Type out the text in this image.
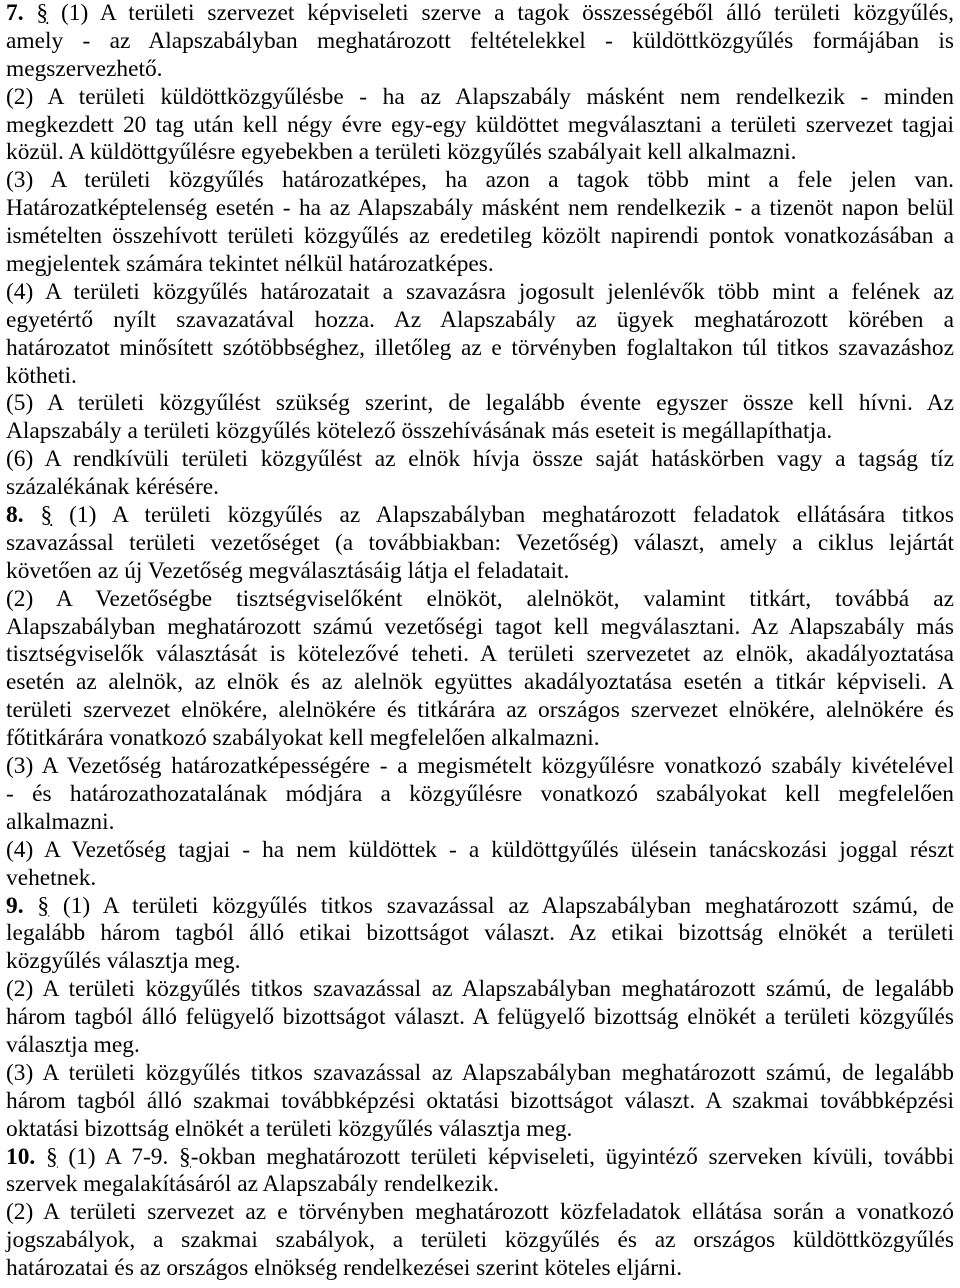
7. § (1) A területi szervezet képviseleti szerve a tagok összességéből álló területi közgyűlés,
amely - az Alapszabályban meghatározott feltételekkel - küldöttközgyűlés formájában is
megszervezhető.
(2) A területi küldöttközgyűlésbe - ha az Alapszabály másként nem rendelkezik - minden
megkezdett 20 tag után kell négy évre egy-egy küldöttet megválasztani a területi szervezet tagjai
közül. A küldöttgyűlésre egyebekben a területi közgyűlés szabályait kell alkalmazni.
(3) A területi közgyűlés határozatképes, ha azon a tagok több mint a fele jelen van.
Határozatképtelenség esetén - ha az Alapszabály másként nem rendelkezik - a tizenöt napon belül
ismételten összehívott területi közgyűlés az eredetileg közölt napirendi pontok vonatkozásában a
megjelentek számára tekintet nélkül határozatképes.
(4) A területi közgyűlés határozatait a szavazásra jogosult jelenlévők több mint a felének az
egyetértő nyílt szavazatával hozza. Az Alapszabály az ügyek meghatározott körében a
határozatot minősített szótöbbséghez, illetőleg az e törvényben foglaltakon túl titkos szavazáshoz
kötheti.
(5) A területi közgyűlést szükség szerint, de legalább évente egyszer össze kell hívni. Az
Alapszabály a területi közgyűlés kötelező összehívásának más eseteit is megállapíthatja.
(6) A rendkívüli területi közgyűlést az elnök hívja össze saját hatáskörben vagy a tagság tíz
százalékának kérésére.
8. § (1) A területi közgyűlés az Alapszabályban meghatározott feladatok ellátására titkos
szavazással területi vezetőséget (a továbbiakban: Vezetőség) választ, amely a ciklus lejártát
követően az új Vezetőség megválasztásáig látja el feladatait.
(2) A Vezetőségbe tisztségviselőként elnököt, alelnököt, valamint titkárt, továbbá az
Alapszabályban meghatározott számú vezetőségi tagot kell megválasztani. Az Alapszabály más
tisztségviselők választását is kötelezővé teheti. A területi szervezetet az elnök, akadályoztatása
esetén az alelnök, az elnök és az alelnök együttes akadályoztatása esetén a titkár képviseli. A
területi szervezet elnökére, alelnökére és titkárára az országos szervezet elnökére, alelnökére és
főtitkárára vonatkozó szabályokat kell megfelelően alkalmazni.
(3) A Vezetőség határozatképességére - a megismételt közgyűlésre vonatkozó szabály kivételével
- és határozathozatalának módjára a közgyűlésre vonatkozó szabályokat kell megfelelően
alkalmazni.
(4) A Vezetőség tagjai - ha nem küldöttek - a küldöttgyűlés ülésein tanácskozási joggal részt
vehetnek.
9. § (1) A területi közgyűlés titkos szavazással az Alapszabályban meghatározott számú, de
legalább három tagból álló etikai bizottságot választ. Az etikai bizottság elnökét a területi
közgyűlés választja meg.
(2) A területi közgyűlés titkos szavazással az Alapszabályban meghatározott számú, de legalább
három tagból álló felügyelő bizottságot választ. A felügyelő bizottság elnökét a területi közgyűlés
választja meg.
(3) A területi közgyűlés titkos szavazással az Alapszabályban meghatározott számú, de legalább
három tagból álló szakmai továbbképzési oktatási bizottságot választ. A szakmai továbbképzési
oktatási bizottság elnökét a területi közgyűlés választja meg.
10. § (1) A 7-9. §-okban meghatározott területi képviseleti, ügyintéző szerveken kívüli, további
szervek megalakításáról az Alapszabály rendelkezik.
(2) A területi szervezet az e törvényben meghatározott közfeladatok ellátása során a vonatkozó
jogszabályok, a szakmai szabályok, a területi közgyűlés és az országos küldöttközgyűlés
határozatai és az országos elnökség rendelkezései szerint köteles eljárni.
